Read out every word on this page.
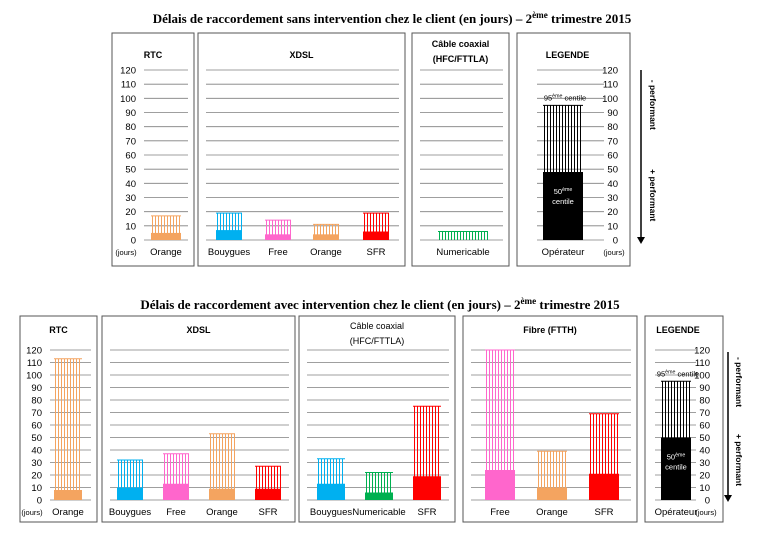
Délais de raccordement sans intervention chez le client (en jours) – 2ème trimestre 2015
RTC
0
10
20
30
40
50
60
70
80
90
100
110
120
(jours) Orange
XDSL
Bouygues Free Orange	SFR
Câble coaxial
(HFC/FTTLA)
Numericable
LEGENDE
0
10
20
30
40
50
60
70
80
90
100
110
120
95ème centile
50ème
centile
Opérateur	(jours)
- performant
+ performant
Délais de raccordement avec intervention chez le client (en jours) – 2ème trimestre 2015
RTC
0
10
20
30
40
50
60
70
80
90
100
110
120
(jours) Orange
XDSL
Bouygues Free Orange SFR
Câble coaxial
(HFC/FTTLA)
Bouygues Numericable SFR
Fibre (FTTH)
Free	Orange	SFR
LEGENDE
0
10
20
30
40
50
60
70
80
90
100
110
120
95ème centile
50ème
centile
Opérateur
(jours)
- performant
+ performant
